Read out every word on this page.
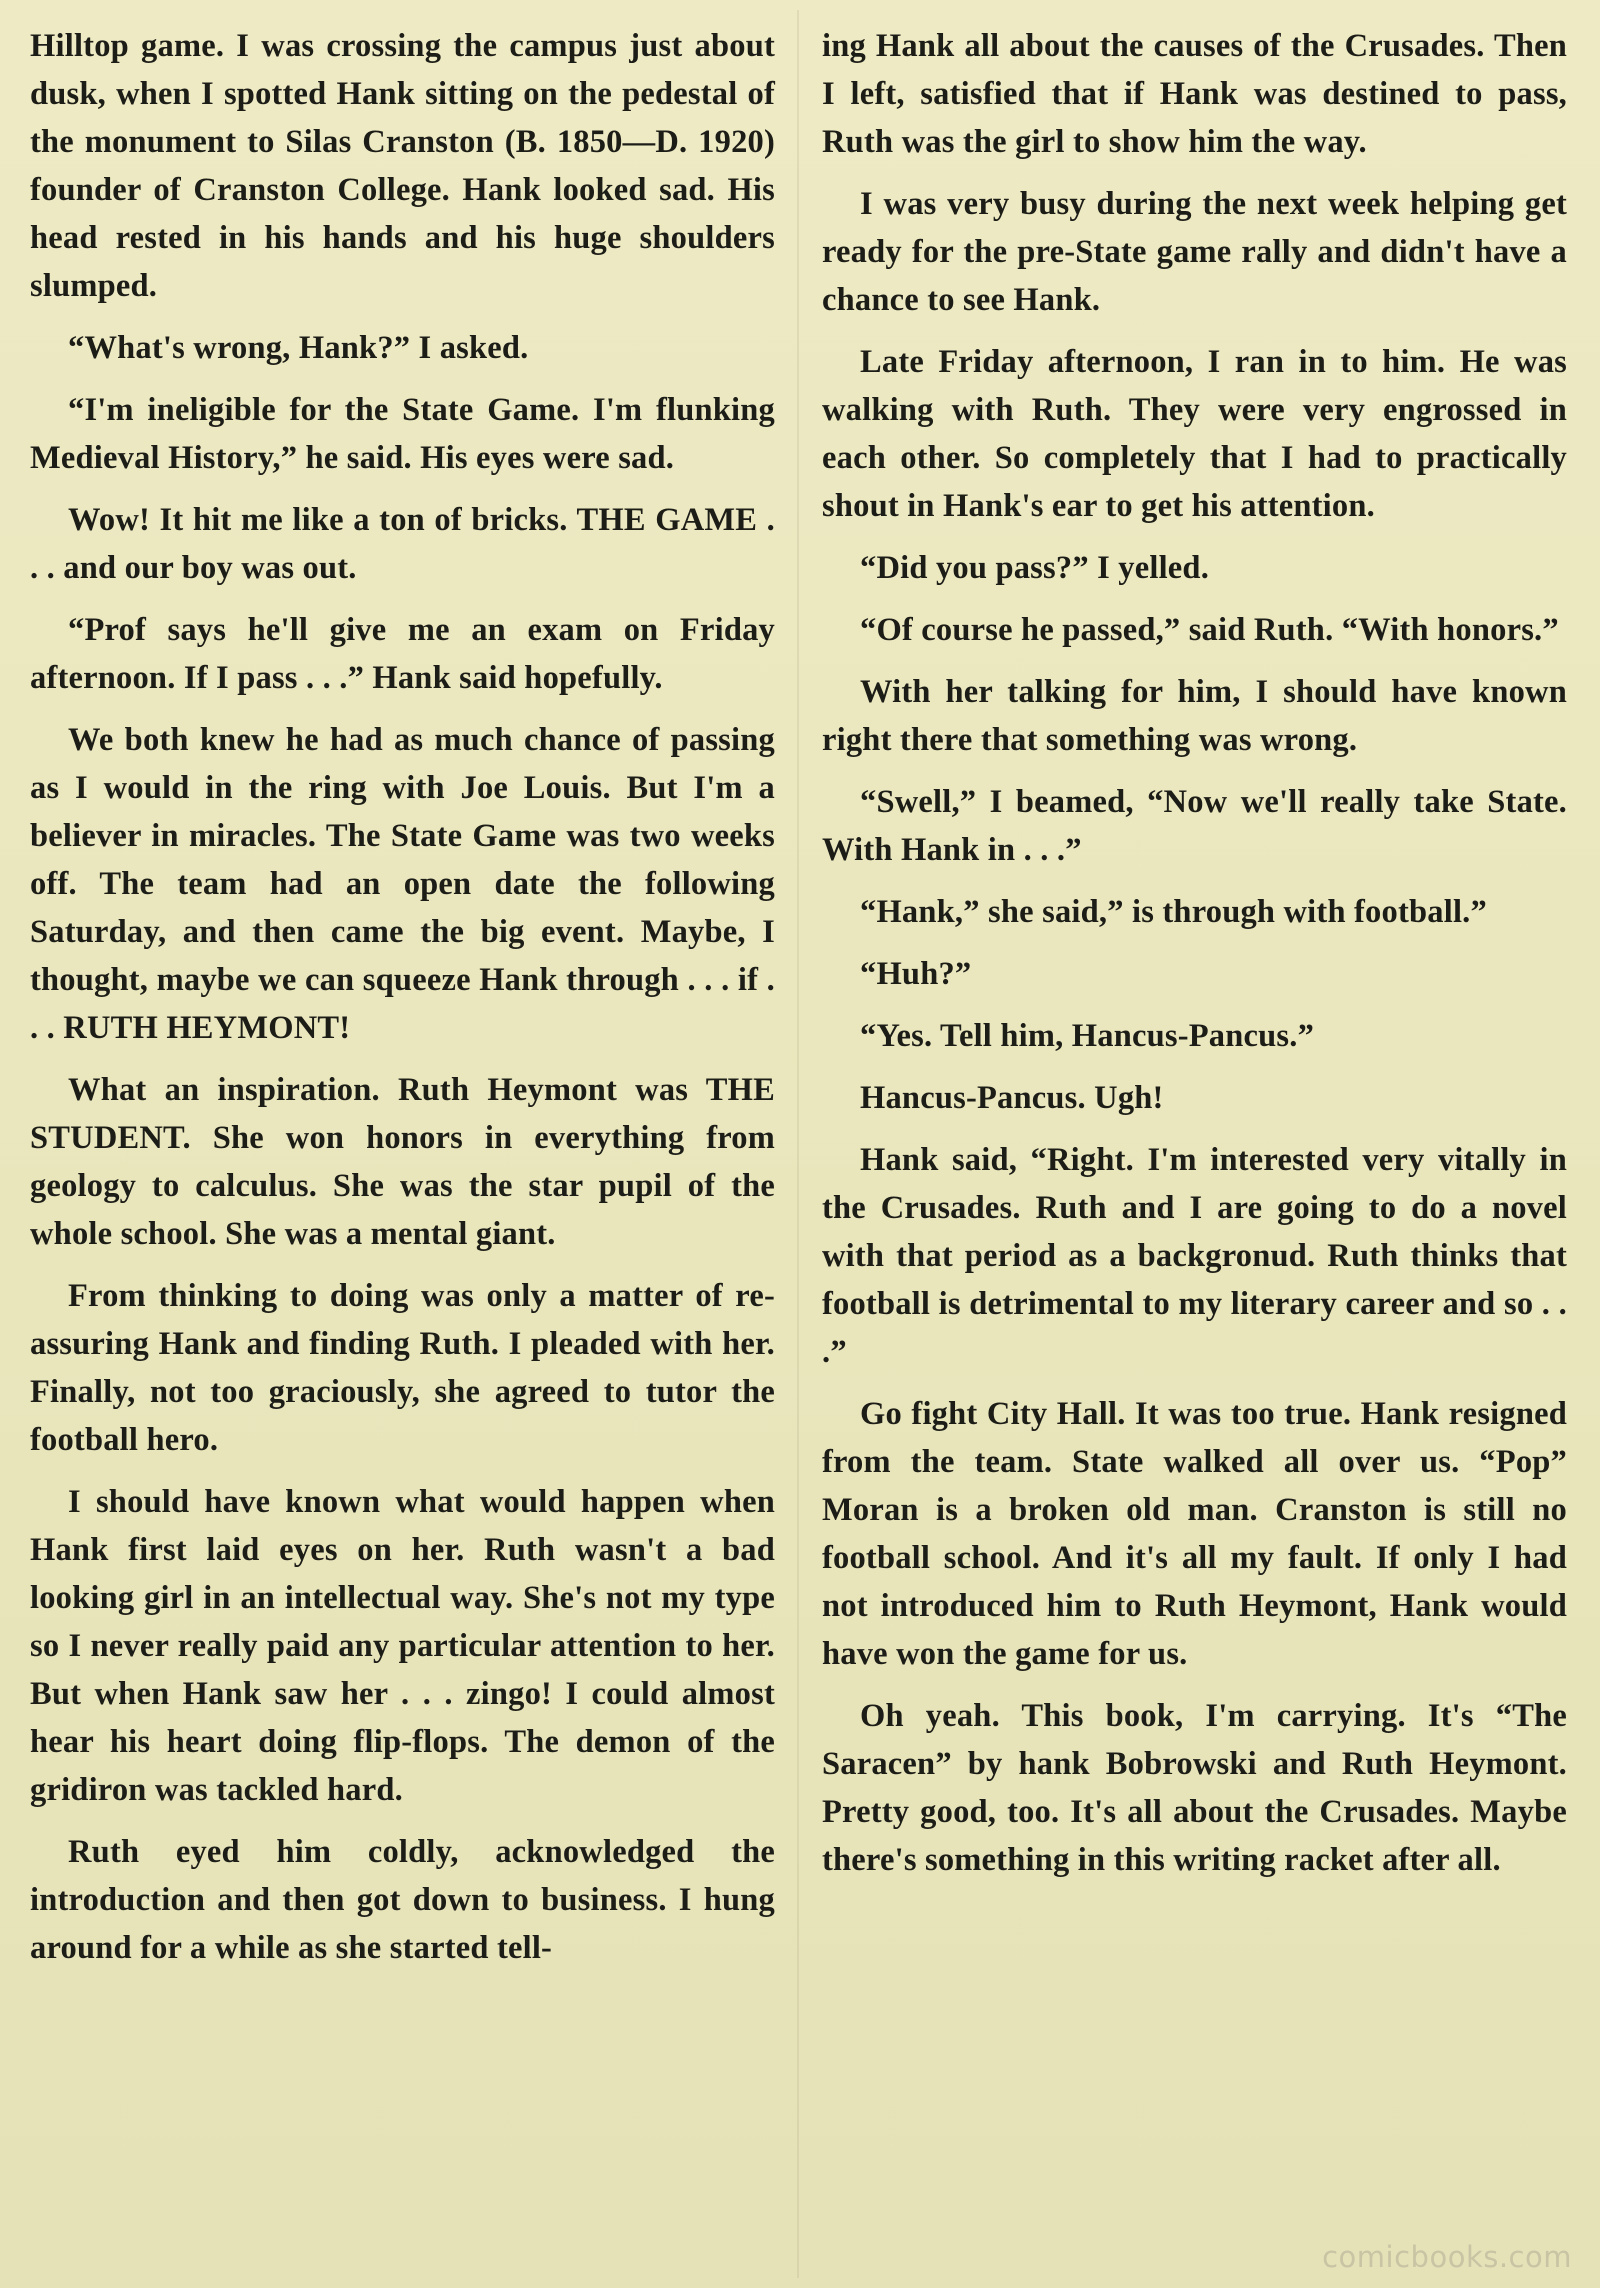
Hilltop game. I was crossing the campus just about dusk, when I spotted Hank sitting on the pedestal of the monument to Silas Cranston (B. 1850—D. 1920) founder of Cranston College. Hank looked sad. His head rested in his hands and his huge shoulders slumped.

“What's wrong, Hank?” I asked.

“I'm ineligible for the State Game. I'm flunking Medieval History,” he said. His eyes were sad.

Wow! It hit me like a ton of bricks. THE GAME . . . and our boy was out.

“Prof says he'll give me an exam on Friday afternoon. If I pass . . .” Hank said hopefully.

We both knew he had as much chance of passing as I would in the ring with Joe Louis. But I'm a believer in miracles. The State Game was two weeks off. The team had an open date the following Saturday, and then came the big event. Maybe, I thought, maybe we can squeeze Hank through . . . if . . . RUTH HEYMONT!

What an inspiration. Ruth Heymont was THE STUDENT. She won honors in everything from geology to calculus. She was the star pupil of the whole school. She was a mental giant.

From thinking to doing was only a matter of re-assuring Hank and finding Ruth. I pleaded with her. Finally, not too graciously, she agreed to tutor the football hero.

I should have known what would happen when Hank first laid eyes on her. Ruth wasn't a bad looking girl in an intellectual way. She's not my type so I never really paid any particular attention to her. But when Hank saw her . . . zingo! I could almost hear his heart doing flip-flops. The demon of the gridiron was tackled hard.

Ruth eyed him coldly, acknowledged the introduction and then got down to business. I hung around for a while as she started tell-

ing Hank all about the causes of the Crusades. Then I left, satisfied that if Hank was destined to pass, Ruth was the girl to show him the way.

I was very busy during the next week helping get ready for the pre-State game rally and didn't have a chance to see Hank.

Late Friday afternoon, I ran in to him. He was walking with Ruth. They were very engrossed in each other. So completely that I had to practically shout in Hank's ear to get his attention.

“Did you pass?” I yelled.

“Of course he passed,” said Ruth. “With honors.”

With her talking for him, I should have known right there that something was wrong.

“Swell,” I beamed, “Now we'll really take State. With Hank in . . .”

“Hank,” she said,” is through with football.”

“Huh?”

“Yes. Tell him, Hancus-Pancus.”

Hancus-Pancus. Ugh!

Hank said, “Right. I'm interested very vitally in the Crusades. Ruth and I are going to do a novel with that period as a backgronud. Ruth thinks that football is detrimental to my literary career and so . . .”

Go fight City Hall. It was too true. Hank resigned from the team. State walked all over us. “Pop” Moran is a broken old man. Cranston is still no football school. And it's all my fault. If only I had not introduced him to Ruth Heymont, Hank would have won the game for us.

Oh yeah. This book, I'm carrying. It's “The Saracen” by hank Bobrowski and Ruth Heymont. Pretty good, too. It's all about the Crusades. Maybe there's something in this writing racket after all.

comicbooks.com
